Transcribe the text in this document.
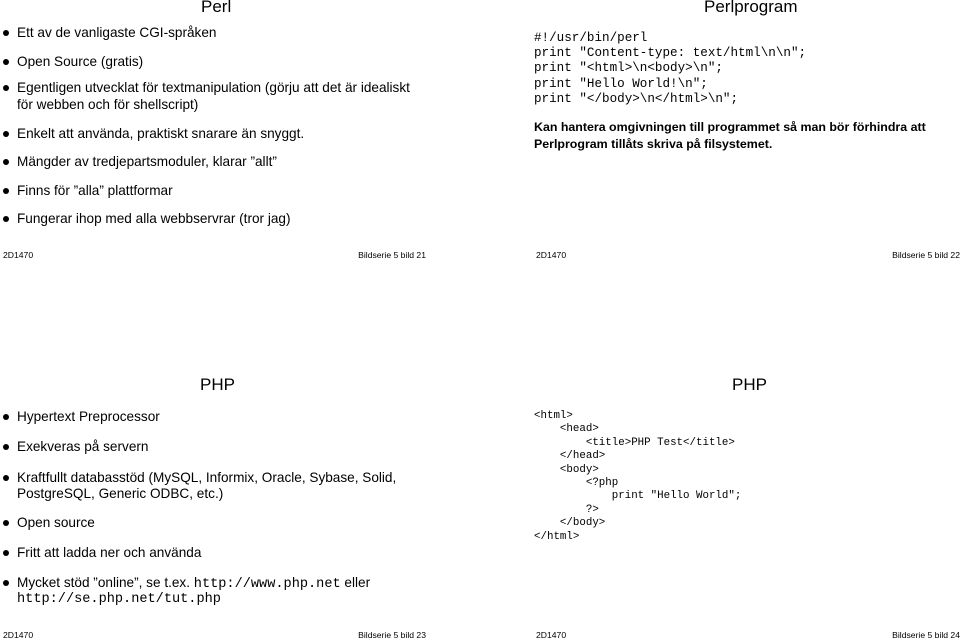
Perl
Ett av de vanligaste CGI-språken
Open Source (gratis)
Egentligen utvecklat för textmanipulation (görju att det är idealiskt
för webben och för shellscript)
Enkelt att använda, praktiskt snarare än snyggt.
Mängder av tredjepartsmoduler, klarar ”allt”
Finns för ”alla” plattformar
Fungerar ihop med alla webbservrar (tror jag)
2D1470	Bildserie 5 bild 21
Perlprogram
2D1470	Bildserie 5 bild 22
#!/usr/bin/perl
print "Content-type: text/html\n\n";
print "<html>\n<body>\n";
print "Hello World!\n";
print "</body>\n</html>\n";
Kan hantera omgivningen till programmet så man bör förhindra att
Perlprogram tillåts skriva på filsystemet.
PHP
Hypertext Preprocessor
Exekveras på servern
Kraftfullt databasstöd (MySQL, Informix, Oracle, Sybase, Solid,
PostgreSQL, Generic ODBC, etc.)
Open source
Fritt att ladda ner och använda
Mycket stöd ”online”, se t.ex. http://www.php.net eller
http://se.php.net/tut.php
2D1470	Bildserie 5 bild 23
PHP
2D1470	Bildserie 5 bild 24
<html>
<head>
<title>PHP Test</title>
</head>
<body>
<?php
print "Hello World";
?>
</body>
</html>
